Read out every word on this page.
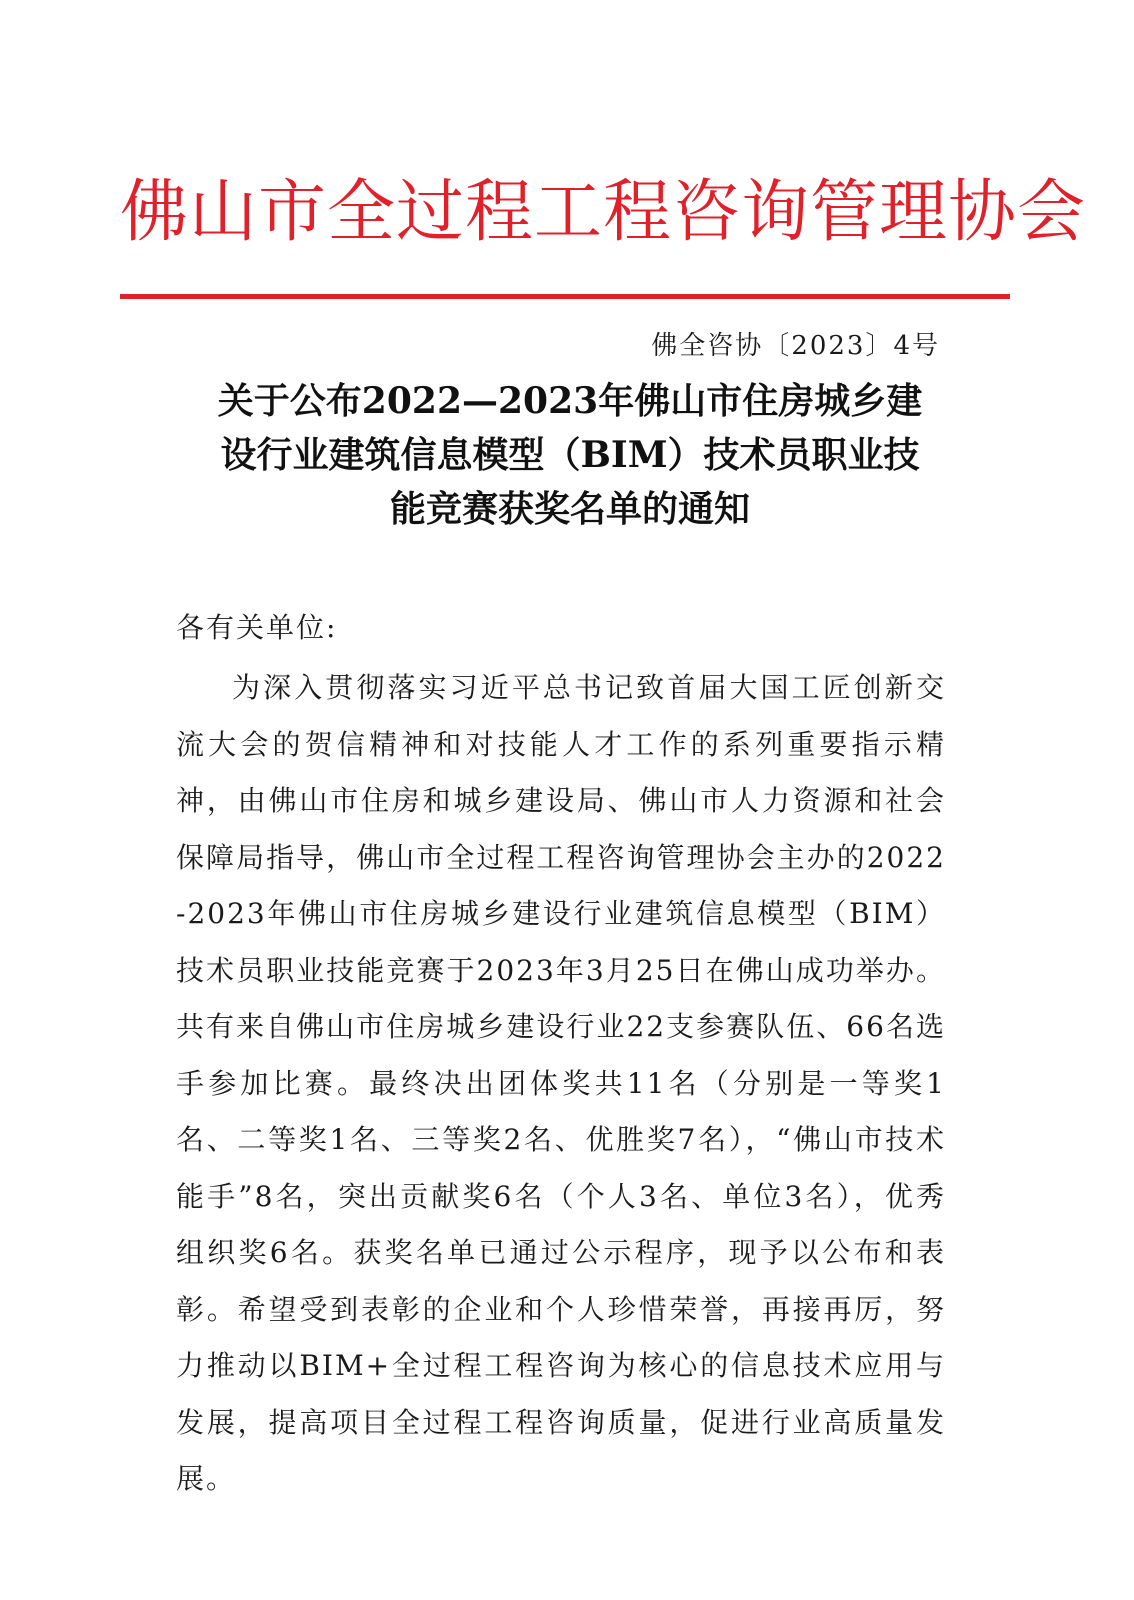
佛山市全过程工程咨询管理协会
佛全咨协〔2023〕4号
关于公布2022—2023年佛山市住房城乡建
设行业建筑信息模型（BIM）技术员职业技
能竞赛获奖名单的通知
各有关单位:
为深入贯彻落实习近平总书记致首届大国工匠创新交流大会的贺信精神和对技能人才工作的系列重要指示精神，由佛山市住房和城乡建设局、佛山市人力资源和社会保障局指导，佛山市全过程工程咨询管理协会主办的2022-2023年佛山市住房城乡建设行业建筑信息模型（BIM）技术员职业技能竞赛于2023年3月25日在佛山成功举办。共有来自佛山市住房城乡建设行业22支参赛队伍、66名选手参加比赛。最终决出团体奖共11名（分别是一等奖1名、二等奖1名、三等奖2名、优胜奖7名），“佛山市技术能手”8名，突出贡献奖6名（个人3名、单位3名），优秀组织奖6名。获奖名单已通过公示程序，现予以公布和表彰。希望受到表彰的企业和个人珍惜荣誉，再接再厉，努力推动以BIM+全过程工程咨询为核心的信息技术应用与发展，提高项目全过程工程咨询质量，促进行业高质量发展。
